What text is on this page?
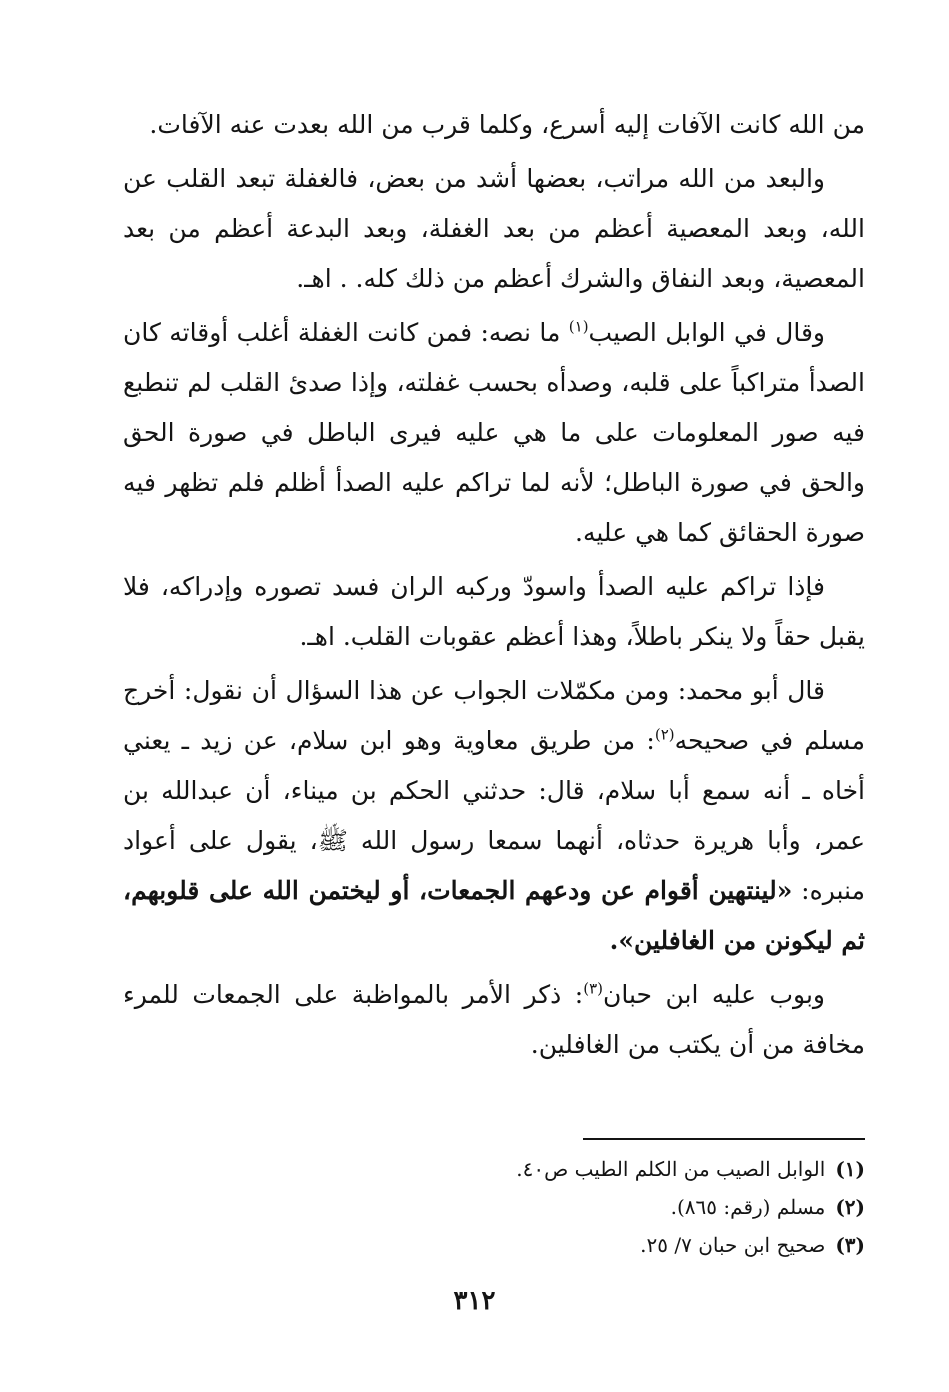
من الله كانت الآفات إليه أسرع، وكلما قرب من الله بعدت عنه الآفات.

والبعد من الله مراتب، بعضها أشد من بعض، فالغفلة تبعد القلب عن الله، وبعد المعصية أعظم من بعد الغفلة، وبعد البدعة أعظم من بعد المعصية، وبعد النفاق والشرك أعظم من ذلك كله. . اهـ.

وقال في الوابل الصيب$^{(١)}$ ما نصه: فمن كانت الغفلة أغلب أوقاته كان الصدأ متراكباً على قلبه، وصدأه بحسب غفلته، وإذا صدئ القلب لم تنطبع فيه صور المعلومات على ما هي عليه فيرى الباطل في صورة الحق والحق في صورة الباطل؛ لأنه لما تراكم عليه الصدأ أظلم فلم تظهر فيه صورة الحقائق كما هي عليه.

فإذا تراكم عليه الصدأ واسودّ وركبه الران فسد تصوره وإدراكه، فلا يقبل حقاً ولا ينكر باطلاً، وهذا أعظم عقوبات القلب. اهـ.

قال أبو محمد: ومن مكمّلات الجواب عن هذا السؤال أن نقول: أخرج مسلم في صحيحه$^{(٢)}$: من طريق معاوية وهو ابن سلام، عن زيد ـ يعني أخاه ـ أنه سمع أبا سلام، قال: حدثني الحكم بن ميناء، أن عبدالله بن عمر، وأبا هريرة حدثاه، أنهما سمعا رسول الله ﷺ، يقول على أعواد منبره: «لينتهين أقوام عن ودعهم الجمعات، أو ليختمن الله على قلوبهم، ثم ليكونن من الغافلين».

وبوب عليه ابن حبان$^{(٣)}$: ذكر الأمر بالمواظبة على الجمعات للمرء مخافة من أن يكتب من الغافلين.

(١)الوابل الصيب من الكلم الطيب ص٤٠.

(٢)مسلم (رقم: ٨٦٥).

(٣)صحيح ابن حبان ٧/ ٢٥.

٣١٢
